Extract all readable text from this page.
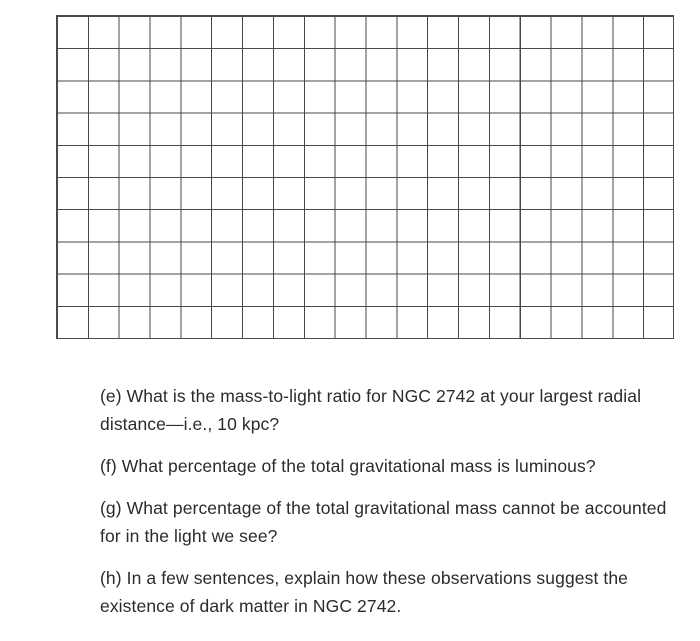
(e) What is the mass-to-light ratio for NGC 2742 at your largest radial distance—i.e., 10 kpc?

(f) What percentage of the total gravitational mass is luminous?

(g) What percentage of the total gravitational mass cannot be accounted for in the light we see?

(h) In a few sentences, explain how these observations suggest the existence of dark matter in NGC 2742.
